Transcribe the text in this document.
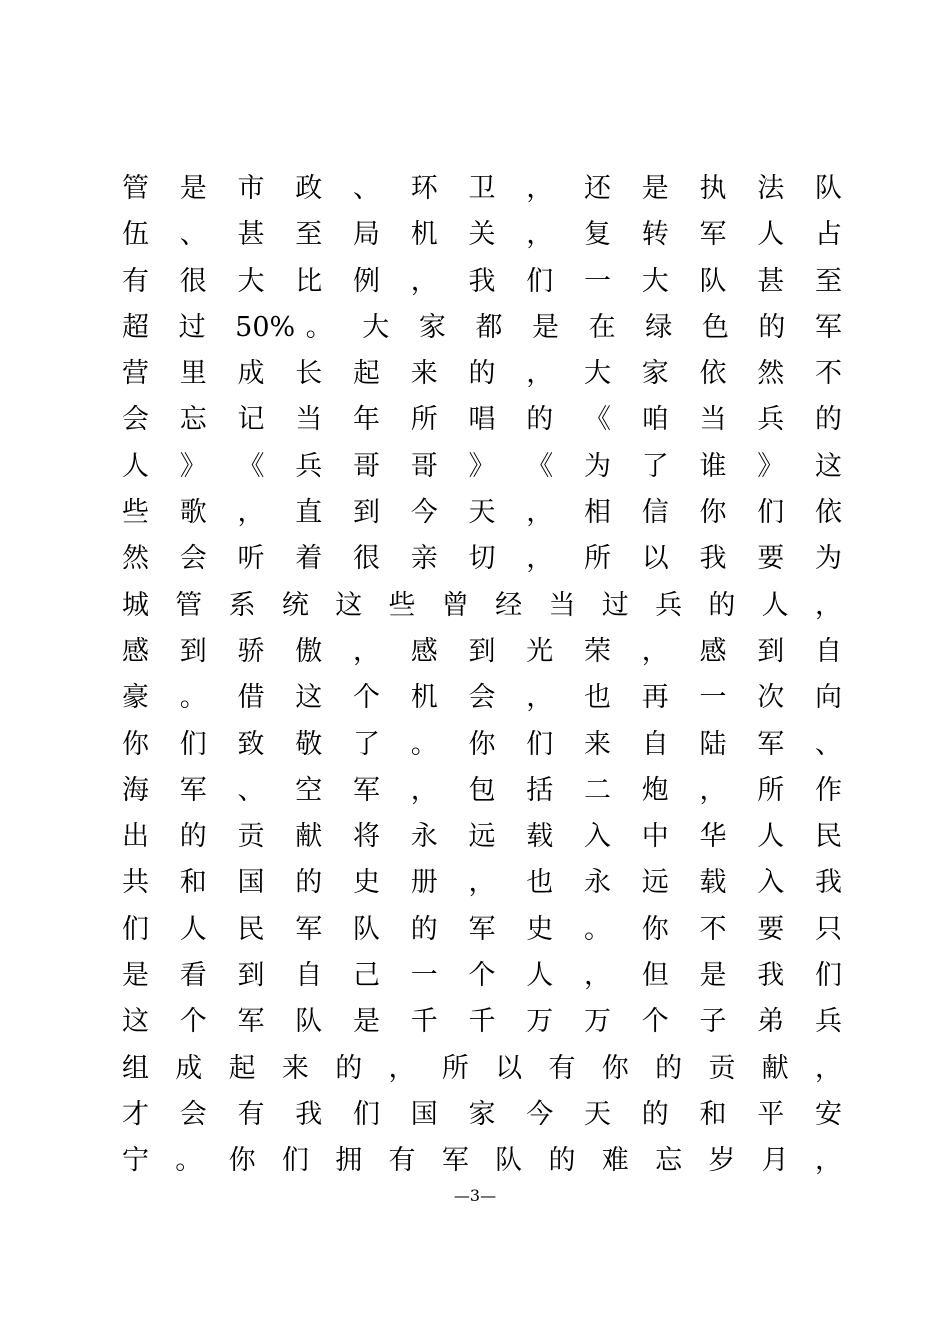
管 是 市 政 、 环 卫 ， 还 是 执 法 队
伍 、 甚 至 局 机 关 ， 复 转 军 人 占
有 很 大 比 例 ， 我 们 一 大 队 甚 至
超 过 50%。 大 家 都 是 在 绿 色 的 军
营 里 成 长 起 来 的 ， 大 家 依 然 不
会 忘 记 当 年 所 唱 的 《 咱 当 兵 的
人 》 《 兵 哥 哥 》 《 为 了 谁 》 这
些 歌 ， 直 到 今 天 ， 相 信 你 们 依
然 会 听 着 很 亲 切 ， 所 以 我 要 为
城 管 系 统 这 些 曾 经 当 过 兵 的 人 ，
感 到 骄 傲 ， 感 到 光 荣 ， 感 到 自
豪 。 借 这 个 机 会 ， 也 再 一 次 向
你 们 致 敬 了 。 你 们 来 自 陆 军 、
海 军 、 空 军 ， 包 括 二 炮 ， 所 作
出 的 贡 献 将 永 远 载 入 中 华 人 民
共 和 国 的 史 册 ， 也 永 远 载 入 我
们 人 民 军 队 的 军 史 。 你 不 要 只
是 看 到 自 己 一 个 人 ， 但 是 我 们
这 个 军 队 是 千 千 万 万 个 子 弟 兵
组 成 起 来 的 ， 所 以 有 你 的 贡 献 ，
才 会 有 我 们 国 家 今 天 的 和 平 安
宁 。 你 们 拥 有 军 队 的 难 忘 岁 月 ，
—3—
